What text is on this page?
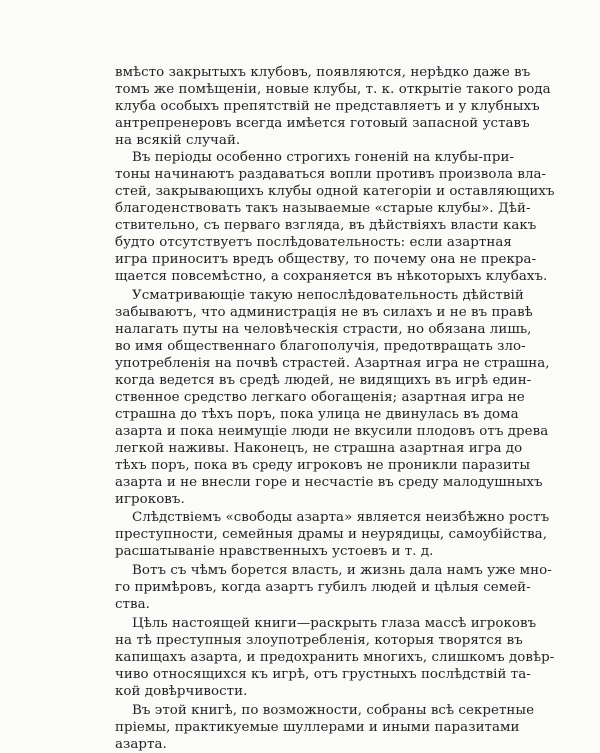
вмѣсто закрытыхъ клубовъ, появляются, нерѣдко даже въ
томъ же помѣщеніи, новые клубы, т. к. открытіе такого рода
клуба особыхъ препятствій не представляетъ и у клубныхъ
антрепренеровъ всегда имѣется готовый запасной уставъ
на всякій случай.
Въ періоды особенно строгихъ гоненій на клубы-при-
тоны начинаютъ раздаваться вопли противъ произвола вла-
стей, закрывающихъ клубы одной категоріи и оставляющихъ
благоденствовать такъ называемые «старые клубы». Дѣй-
ствительно, съ перваго взгляда, въ дѣйствіяхъ власти какъ
будто отсутствуетъ послѣдовательность: если азартная
игра приноситъ вредъ обществу, то почему она не прекра-
щается повсемѣстно, а сохраняется въ нѣкоторыхъ клубахъ.
Усматривающіе такую непослѣдовательность дѣйствій
забываютъ, что администрація не въ силахъ и не въ правѣ
налагать путы на человѣческія страсти, но обязана лишь,
во имя общественнаго благополучія, предотвращать зло-
употребленія на почвѣ страстей. Азартная игра не страшна,
когда ведется въ средѣ людей, не видящихъ въ игрѣ един-
ственное средство легкаго обогащенія; азартная игра не
страшна до тѣхъ поръ, пока улица не двинулась въ дома
азарта и пока неимущіе люди не вкусили плодовъ отъ древа
легкой наживы. Наконецъ, не страшна азартная игра до
тѣхъ поръ, пока въ среду игроковъ не проникли паразиты
азарта и не внесли горе и несчастіе въ среду малодушныхъ
игроковъ.
Слѣдствіемъ «свободы азарта» является неизбѣжно ростъ
преступности, семейныя драмы и неурядицы, самоубійства,
расшатываніе нравственныхъ устоевъ и т. д.
Вотъ съ чѣмъ борется власть, и жизнь дала намъ уже мно-
го примѣровъ, когда азартъ губилъ людей и цѣлыя семей-
ства.
Цѣль настоящей книги—раскрыть глаза массѣ игроковъ
на тѣ преступныя злоупотребленія, которыя творятся въ
капищахъ азарта, и предохранить многихъ, слишкомъ довѣр-
чиво относящихся къ игрѣ, отъ грустныхъ послѣдствій та-
кой довѣрчивости.
Въ этой книгѣ, по возможности, собраны всѣ секретные
пріемы, практикуемые шуллерами и иными паразитами
азарта.
